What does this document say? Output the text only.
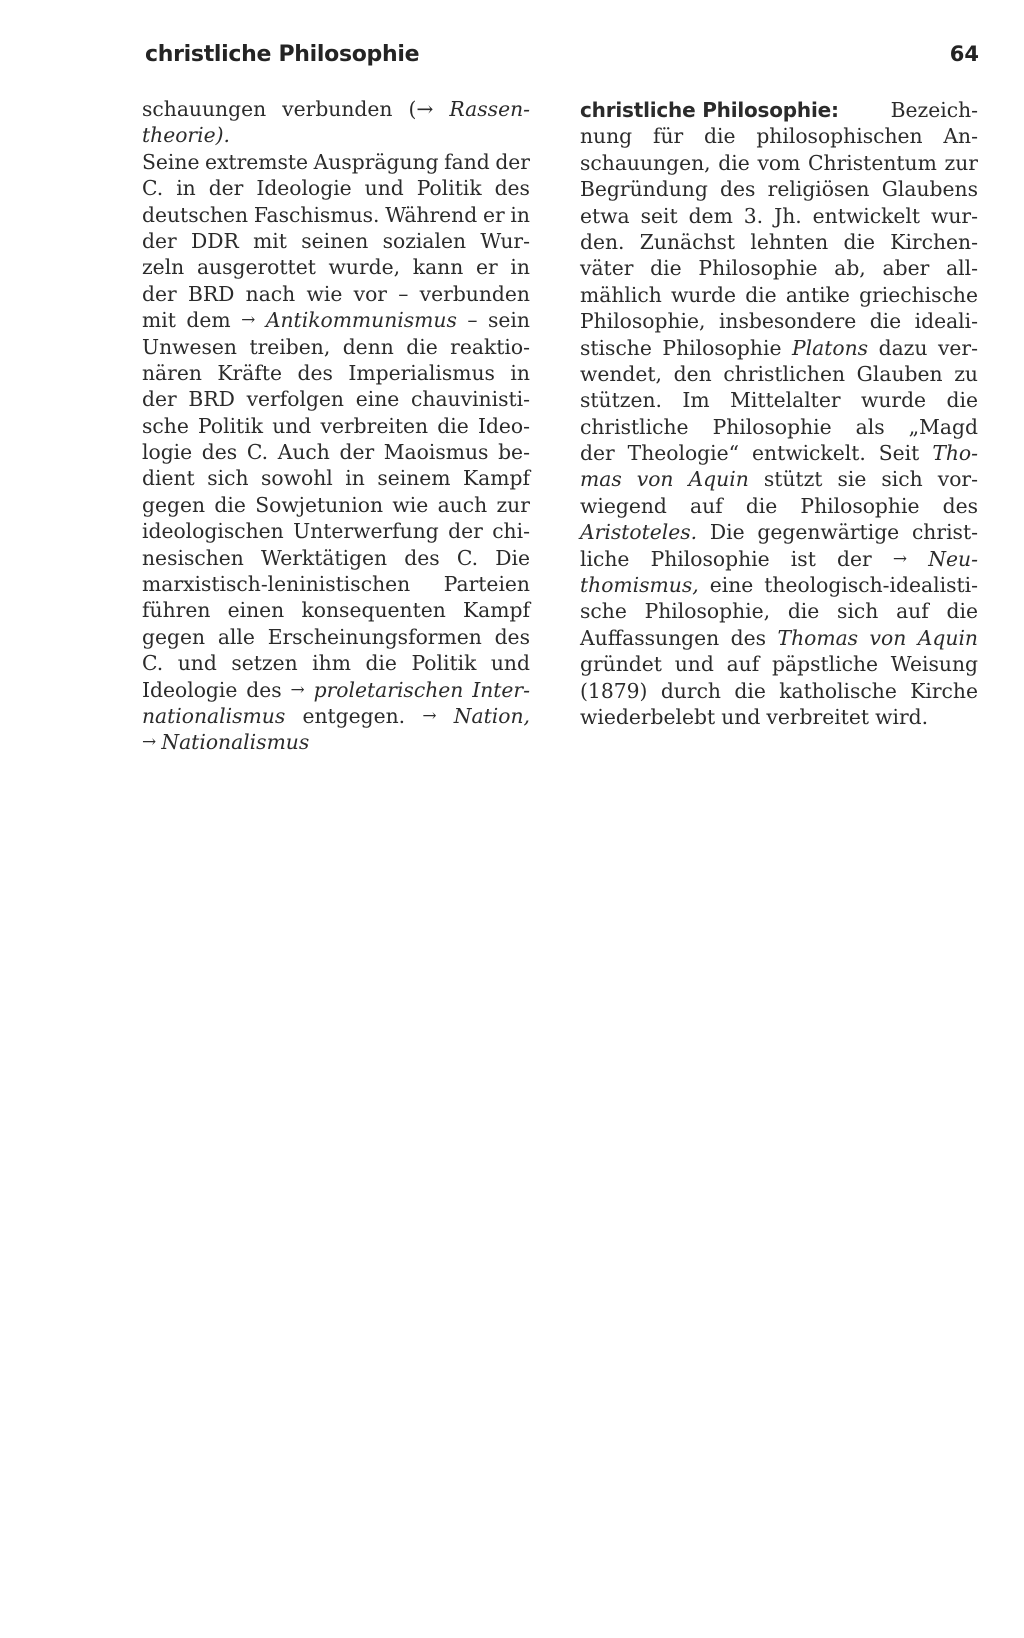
christliche Philosophie	64
schauungen verbunden (→ Rassen-
theorie).
Seine extremste Ausprägung fand der
C. in der Ideologie und Politik des
deutschen Faschismus. Während er in
der DDR mit seinen sozialen Wur-
zeln ausgerottet wurde, kann er in
der BRD nach wie vor – verbunden
mit dem → Antikommunismus – sein
Unwesen treiben, denn die reaktio-
nären Kräfte des Imperialismus in
der BRD verfolgen eine chauvinisti-
sche Politik und verbreiten die Ideo-
logie des C. Auch der Maoismus be-
dient sich sowohl in seinem Kampf
gegen die Sowjetunion wie auch zur
ideologischen Unterwerfung der chi-
nesischen Werktätigen des C. Die
marxistisch-leninistischen Parteien
führen einen konsequenten Kampf
gegen alle Erscheinungsformen des
C. und setzen ihm die Politik und
Ideologie des → proletarischen Inter-
nationalismus entgegen. → Nation,
→ Nationalismus
christliche Philosophie:	Bezeich-
nung für die philosophischen An-
schauungen, die vom Christentum zur
Begründung des religiösen Glaubens
etwa seit dem 3. Jh. entwickelt wur-
den. Zunächst lehnten die Kirchen-
väter die Philosophie ab, aber all-
mählich wurde die antike griechische
Philosophie, insbesondere die ideali-
stische Philosophie Platons dazu ver-
wendet, den christlichen Glauben zu
stützen. Im Mittelalter wurde die
christliche Philosophie als „Magd
der Theologie“ entwickelt. Seit Tho-
mas von Aquin stützt sie sich vor-
wiegend auf die Philosophie des
Aristoteles. Die gegenwärtige christ-
liche Philosophie ist der → Neu-
thomismus, eine theologisch-idealisti-
sche Philosophie, die sich auf die
Auffassungen des Thomas von Aquin
gründet und auf päpstliche Weisung
(1879) durch die katholische Kirche
wiederbelebt und verbreitet wird.
